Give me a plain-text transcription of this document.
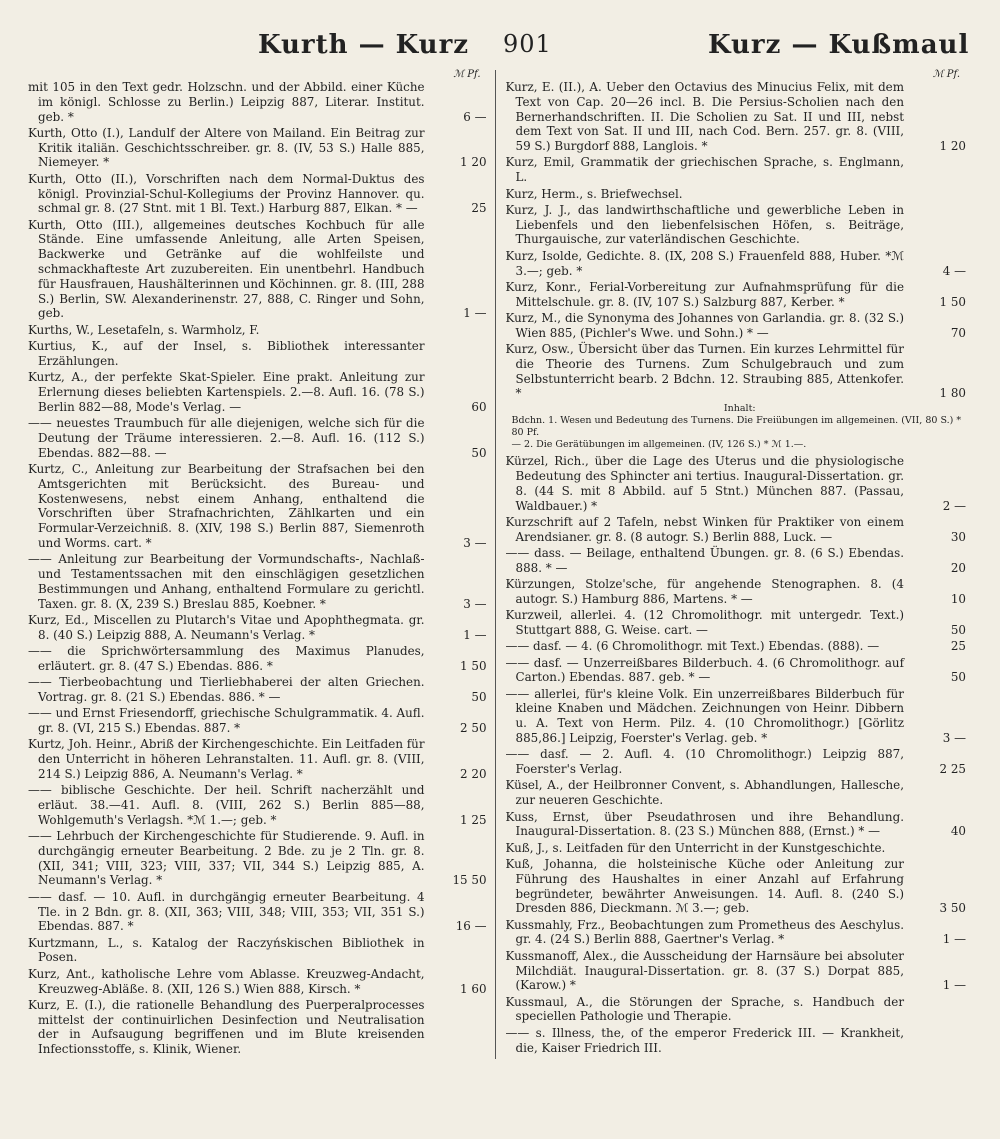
Kurth — Kurz 901	Kurz — Kußmaul
ℳ Pf.
mit 105 in den Text gedr. Holzschn. und der Abbild. einer Küche im königl. Schlosse zu Berlin.) Leipzig 887, Literar. Institut. geb. *	6 —
Kurth, Otto (I.), Landulf der Altere von Mailand. Ein Beitrag zur Kritik italiän. Geschichtsschreiber. gr. 8. (IV, 53 S.) Halle 885, Niemeyer. *	1 20
Kurth, Otto (II.), Vorschriften nach dem Normal-Duktus des königl. Provinzial-Schul-Kollegiums der Provinz Hannover. qu. schmal gr. 8. (27 Stnt. mit 1 Bl. Text.) Harburg 887, Elkan. * —	25
Kurth, Otto (III.), allgemeines deutsches Kochbuch für alle Stände. Eine umfassende Anleitung, alle Arten Speisen, Backwerke und Getränke auf die wohlfeilste und schmackhafteste Art zuzubereiten. Ein unentbehrl. Handbuch für Hausfrauen, Haushälterinnen und Köchinnen. gr. 8. (III, 288 S.) Berlin, SW. Alexanderinenstr. 27, 888, C. Ringer und Sohn, geb.	1 —
Kurths, W., Lesetafeln, s. Warmholz, F.
Kurtius, K., auf der Insel, s. Bibliothek interessanter Erzählungen.
Kurtz, A., der perfekte Skat-Spieler. Eine prakt. Anleitung zur Erlernung dieses beliebten Kartenspiels. 2.—8. Aufl. 16. (78 S.) Berlin 882—88, Mode's Verlag. —	60
—— neuestes Traumbuch für alle diejenigen, welche sich für die Deutung der Träume interessieren. 2.—8. Aufl. 16. (112 S.) Ebendas. 882—88. —	50
Kurtz, C., Anleitung zur Bearbeitung der Strafsachen bei den Amtsgerichten mit Berücksicht. des Bureau- und Kostenwesens, nebst einem Anhang, enthaltend die Vorschriften über Strafnachrichten, Zählkarten und ein Formular-Verzeichniß. 8. (XIV, 198 S.) Berlin 887, Siemenroth und Worms. cart. *	3 —
—— Anleitung zur Bearbeitung der Vormundschafts-, Nachlaß- und Testamentssachen mit den einschlägigen gesetzlichen Bestimmungen und Anhang, enthaltend Formulare zu gerichtl. Taxen. gr. 8. (X, 239 S.) Breslau 885, Koebner. *	3 —
Kurz, Ed., Miscellen zu Plutarch's Vitae und Apophthegmata. gr. 8. (40 S.) Leipzig 888, A. Neumann's Verlag. *	1 —
—— die Sprichwörtersammlung des Maximus Planudes, erläutert. gr. 8. (47 S.) Ebendas. 886. *	1 50
—— Tierbeobachtung und Tierliebhaberei der alten Griechen. Vortrag. gr. 8. (21 S.) Ebendas. 886. * —	50
—— und Ernst Friesendorff, griechische Schulgrammatik. 4. Aufl. gr. 8. (VI, 215 S.) Ebendas. 887. *	2 50
Kurtz, Joh. Heinr., Abriß der Kirchengeschichte. Ein Leitfaden für den Unterricht in höheren Lehranstalten. 11. Aufl. gr. 8. (VIII, 214 S.) Leipzig 886, A. Neumann's Verlag. *	2 20
—— biblische Geschichte. Der heil. Schrift nacherzählt und erläut. 38.—41. Aufl. 8. (VIII, 262 S.) Berlin 885—88, Wohlgemuth's Verlagsh. *ℳ 1.—; geb. *	1 25
—— Lehrbuch der Kirchengeschichte für Studierende. 9. Aufl. in durchgängig erneuter Bearbeitung. 2 Bde. zu je 2 Tln. gr. 8. (XII, 341; VIII, 323; VIII, 337; VII, 344 S.) Leipzig 885, A. Neumann's Verlag. *	15 50
—— dasf. — 10. Aufl. in durchgängig erneuter Bearbeitung. 4 Tle. in 2 Bdn. gr. 8. (XII, 363; VIII, 348; VIII, 353; VII, 351 S.) Ebendas. 887. *	16 —
Kurtzmann, L., s. Katalog der Raczyńskischen Bibliothek in Posen.
Kurz, Ant., katholische Lehre vom Ablasse. Kreuzweg-Andacht, Kreuzweg-Abläße. 8. (XII, 126 S.) Wien 888, Kirsch. *	1 60
Kurz, E. (I.), die rationelle Behandlung des Puerperalprocesses mittelst der continuirlichen Desinfection und Neutralisation der in Aufsaugung begriffenen und im Blute kreisenden Infectionsstoffe, s. Klinik, Wiener.
ℳ Pf.
Kurz, E. (II.), A. Ueber den Octavius des Minucius Felix, mit dem Text von Cap. 20—26 incl. B. Die Persius-Scholien nach den Bernerhandschriften. II. Die Scholien zu Sat. II und III, nebst dem Text von Sat. II und III, nach Cod. Bern. 257. gr. 8. (VIII, 59 S.) Burgdorf 888, Langlois. *	1 20
Kurz, Emil, Grammatik der griechischen Sprache, s. Englmann, L.
Kurz, Herm., s. Briefwechsel.
Kurz, J. J., das landwirthschaftliche und gewerbliche Leben in Liebenfels und den liebenfelsischen Höfen, s. Beiträge, Thurgauische, zur vaterländischen Geschichte.
Kurz, Isolde, Gedichte. 8. (IX, 208 S.) Frauenfeld 888, Huber. *ℳ 3.—; geb. *	4 —
Kurz, Konr., Ferial-Vorbereitung zur Aufnahmsprüfung für die Mittelschule. gr. 8. (IV, 107 S.) Salzburg 887, Kerber. *	1 50
Kurz, M., die Synonyma des Johannes von Garlandia. gr. 8. (32 S.) Wien 885, (Pichler's Wwe. und Sohn.) * —	70
Kurz, Osw., Übersicht über das Turnen. Ein kurzes Lehrmittel für die Theorie des Turnens. Zum Schulgebrauch und zum Selbstunterricht bearb. 2 Bdchn. 12. Straubing 885, Attenkofer. *	1 80
Inhalt:
Bdchn. 1. Wesen und Bedeutung des Turnens. Die Freiübungen im allgemeinen. (VII, 80 S.) * 80 Pf.
— 2. Die Gerätübungen im allgemeinen. (IV, 126 S.) * ℳ 1.—.
Kürzel, Rich., über die Lage des Uterus und die physiologische Bedeutung des Sphincter ani tertius. Inaugural-Dissertation. gr. 8. (44 S. mit 8 Abbild. auf 5 Stnt.) München 887. (Passau, Waldbauer.) *	2 —
Kurzschrift auf 2 Tafeln, nebst Winken für Praktiker von einem Arendsianer. gr. 8. (8 autogr. S.) Berlin 888, Luck. —	30
—— dass. — Beilage, enthaltend Übungen. gr. 8. (6 S.) Ebendas. 888. * —	20
Kürzungen, Stolze'sche, für angehende Stenographen. 8. (4 autogr. S.) Hamburg 886, Martens. * —	10
Kurzweil, allerlei. 4. (12 Chromolithogr. mit untergedr. Text.) Stuttgart 888, G. Weise. cart. —	50
—— dasf. — 4. (6 Chromolithogr. mit Text.) Ebendas. (888). —	25
—— dasf. — Unzerreißbares Bilderbuch. 4. (6 Chromolithogr. auf Carton.) Ebendas. 887. geb. * —	50
—— allerlei, für's kleine Volk. Ein unzerreißbares Bilderbuch für kleine Knaben und Mädchen. Zeichnungen von Heinr. Dibbern u. A. Text von Herm. Pilz. 4. (10 Chromolithogr.) [Görlitz 885,86.] Leipzig, Foerster's Verlag. geb. *	3 —
—— dasf. — 2. Aufl. 4. (10 Chromolithogr.) Leipzig 887, Foerster's Verlag.	2 25
Küsel, A., der Heilbronner Convent, s. Abhandlungen, Hallesche, zur neueren Geschichte.
Kuss, Ernst, über Pseudathrosen und ihre Behandlung. Inaugural-Dissertation. 8. (23 S.) München 888, (Ernst.) * —	40
Kuß, J., s. Leitfaden für den Unterricht in der Kunstgeschichte.
Kuß, Johanna, die holsteinische Küche oder Anleitung zur Führung des Haushaltes in einer Anzahl auf Erfahrung begründeter, bewährter Anweisungen. 14. Aufl. 8. (240 S.) Dresden 886, Dieckmann. ℳ 3.—; geb.	3 50
Kussmahly, Frz., Beobachtungen zum Prometheus des Aeschylus. gr. 4. (24 S.) Berlin 888, Gaertner's Verlag. *	1 —
Kussmanoff, Alex., die Ausscheidung der Harnsäure bei absoluter Milchdiät. Inaugural-Dissertation. gr. 8. (37 S.) Dorpat 885, (Karow.) *	1 —
Kussmaul, A., die Störungen der Sprache, s. Handbuch der speciellen Pathologie und Therapie.
—— s. Illness, the, of the emperor Frederick III. — Krankheit, die, Kaiser Friedrich III.
